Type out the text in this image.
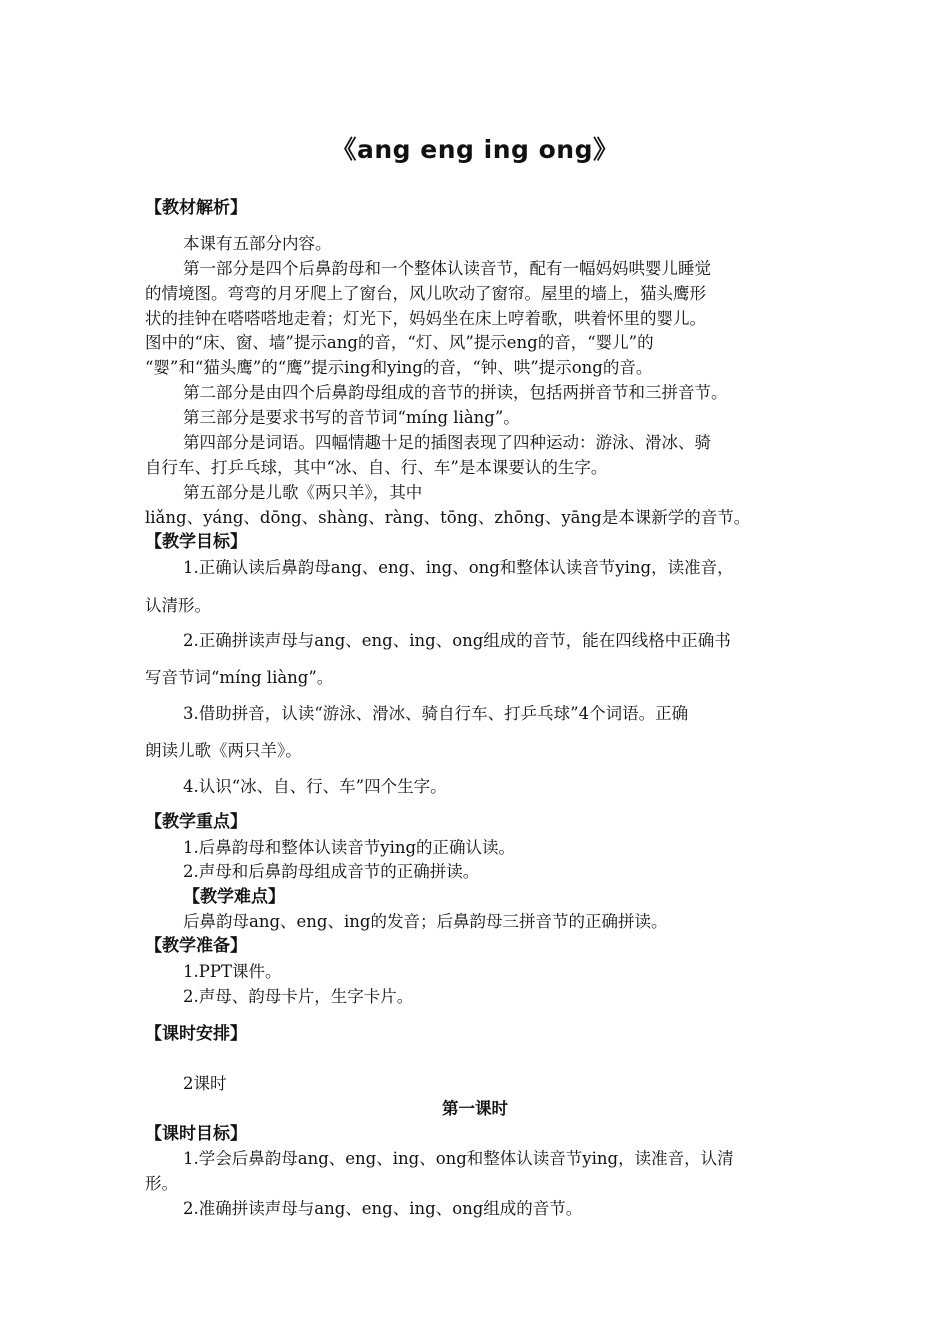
《ang eng ing ong》
【教材解析】
本课有五部分内容。
第一部分是四个后鼻韵母和一个整体认读音节，配有一幅妈妈哄婴儿睡觉
的情境图。弯弯的月牙爬上了窗台，风儿吹动了窗帘。屋里的墙上，猫头鹰形
状的挂钟在嗒嗒嗒地走着；灯光下，妈妈坐在床上哼着歌，哄着怀里的婴儿。
图中的“床、窗、墙”提示ang的音，“灯、风”提示eng的音，“婴儿”的
“婴”和“猫头鹰”的“鹰”提示ing和ying的音，“钟、哄”提示ong的音。
第二部分是由四个后鼻韵母组成的音节的拼读，包括两拼音节和三拼音节。
第三部分是要求书写的音节词“míng liàng”。
第四部分是词语。四幅情趣十足的插图表现了四种运动：游泳、滑冰、骑
自行车、打乒乓球，其中“冰、自、行、车”是本课要认的生字。
第五部分是儿歌《两只羊》，其中
liǎng、yáng、dōng、shàng、ràng、tōng、zhōng、yāng是本课新学的音节。
【教学目标】
1.正确认读后鼻韵母ang、eng、ing、ong和整体认读音节ying，读准音，
认清形。
2.正确拼读声母与ang、eng、ing、ong组成的音节，能在四线格中正确书
写音节词“míng liàng”。
3.借助拼音，认读“游泳、滑冰、骑自行车、打乒乓球”4个词语。正确
朗读儿歌《两只羊》。
4.认识“冰、自、行、车”四个生字。
【教学重点】
1.后鼻韵母和整体认读音节ying的正确认读。
2.声母和后鼻韵母组成音节的正确拼读。
【教学难点】
后鼻韵母ang、eng、ing的发音；后鼻韵母三拼音节的正确拼读。
【教学准备】
1.PPT课件。
2.声母、韵母卡片，生字卡片。
【课时安排】
2课时
第一课时
【课时目标】
1.学会后鼻韵母ang、eng、ing、ong和整体认读音节ying，读准音，认清
形。
2.准确拼读声母与ang、eng、ing、ong组成的音节。
